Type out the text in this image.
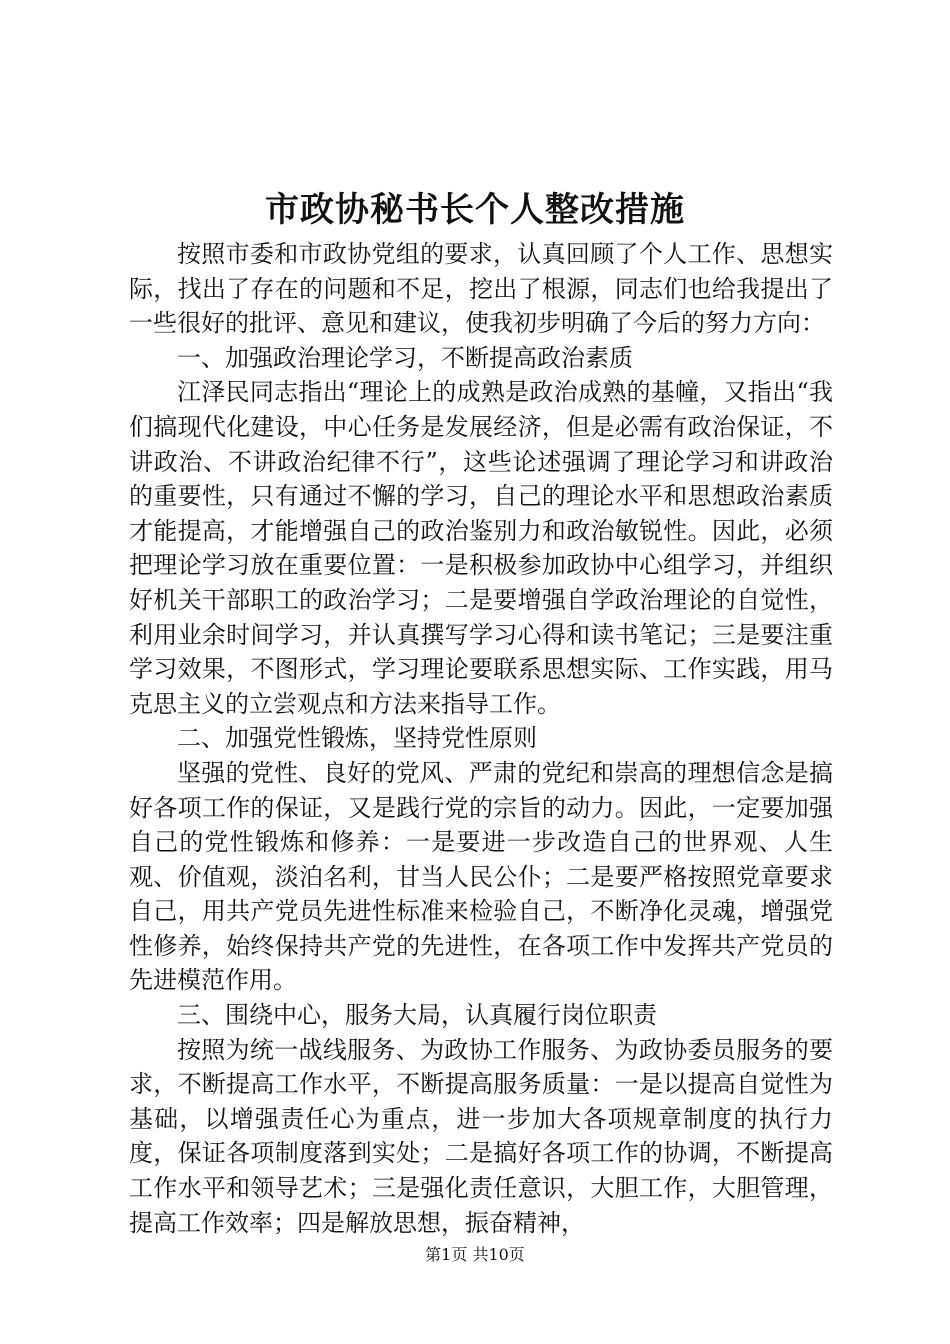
市政协秘书长个人整改措施

按照市委和市政协党组的要求，认真回顾了个人工作、思想实际，找出了存在的问题和不足，挖出了根源，同志们也给我提出了一些很好的批评、意见和建议，使我初步明确了今后的努力方向：

一、加强政治理论学习，不断提高政治素质

江泽民同志指出“理论上的成熟是政治成熟的基幢，又指出“我们搞现代化建设，中心任务是发展经济，但是必需有政治保证，不讲政治、不讲政治纪律不行”，这些论述强调了理论学习和讲政治的重要性，只有通过不懈的学习，自己的理论水平和思想政治素质才能提高，才能增强自己的政治鉴别力和政治敏锐性。因此，必须把理论学习放在重要位置：一是积极参加政协中心组学习，并组织好机关干部职工的政治学习；二是要增强自学政治理论的自觉性，利用业余时间学习，并认真撰写学习心得和读书笔记；三是要注重学习效果，不图形式，学习理论要联系思想实际、工作实践，用马克思主义的立尝观点和方法来指导工作。

二、加强党性锻炼，坚持党性原则

坚强的党性、良好的党风、严肃的党纪和崇高的理想信念是搞好各项工作的保证，又是践行党的宗旨的动力。因此，一定要加强自己的党性锻炼和修养：一是要进一步改造自己的世界观、人生观、价值观，淡泊名利，甘当人民公仆；二是要严格按照党章要求自己，用共产党员先进性标准来检验自己，不断净化灵魂，增强党性修养，始终保持共产党的先进性，在各项工作中发挥共产党员的先进模范作用。

三、围绕中心，服务大局，认真履行岗位职责

按照为统一战线服务、为政协工作服务、为政协委员服务的要求，不断提高工作水平，不断提高服务质量：一是以提高自觉性为基础，以增强责任心为重点，进一步加大各项规章制度的执行力度，保证各项制度落到实处；二是搞好各项工作的协调，不断提高工作水平和领导艺术；三是强化责任意识，大胆工作，大胆管理，提高工作效率；四是解放思想，振奋精神，

第1页 共10页
